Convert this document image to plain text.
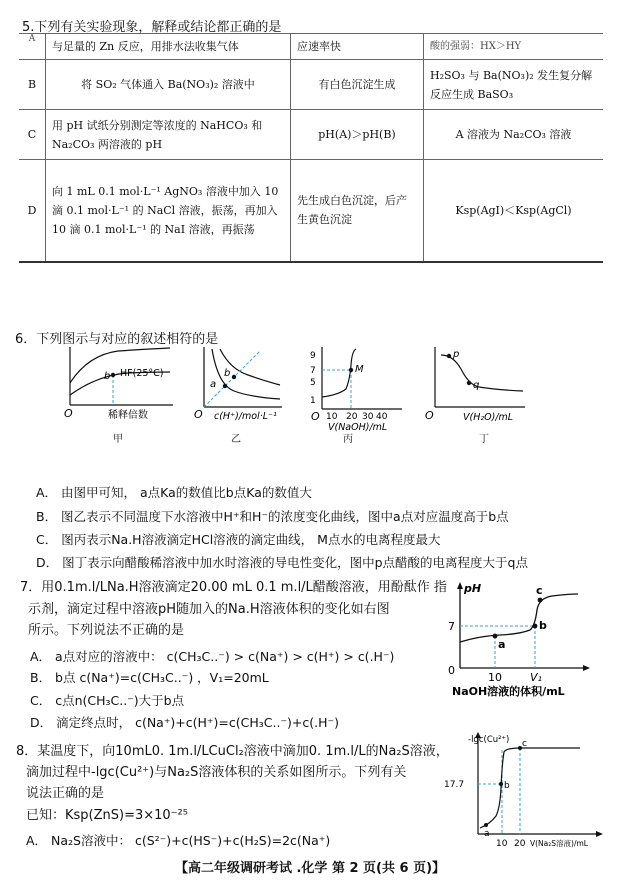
5.下列有关实验现象，解释或结论都正确的是
A	与足量的 Zn 反应，用排水法收集气体	应速率快	酸的强弱：HX＞HY
B	将 SO₂ 气体通入 Ba(NO₃)₂ 溶液中	有白色沉淀生成	H₂SO₃ 与 Ba(NO₃)₂ 发生复分解反应生成 BaSO₃
C	用 pH 试纸分别测定等浓度的 NaHCO₃ 和 Na₂CO₃ 两溶液的 pH	pH(A)＞pH(B)	A 溶液为 Na₂CO₃ 溶液
D	向 1 mL 0.1 mol·L⁻¹ AgNO₃ 溶液中加入 10 滴 0.1 mol·L⁻¹ 的 NaCl 溶液，振荡，再加入 10 滴 0.1 mol·L⁻¹ 的 NaI 溶液，再振荡	先生成白色沉淀，后产生黄色沉淀	Ksp(AgI)＜Ksp(AgCl)
6．下列图示与对应的叙述相符的是
O
b HF(25°C)
稀释倍数
a
b
O c(H⁺)/mol·L⁻¹
9
7
5
1
M
O 10 20 30 40
V(NaOH)/mL
p
q
O	V(H₂O)/mL
甲	乙	丙	丁
A． 由图甲可知， a点Ka的数值比b点Ka的数值大
B． 图乙表示不同温度下水溶液中H⁺和H⁻的浓度变化曲线，图中a点对应温度高于b点
C． 图丙表示Na.H溶液滴定HCl溶液的滴定曲线， M点水的电离程度最大
D． 图丁表示向醋酸稀溶液中加水时溶液的导电性变化，图中p点醋酸的电离程度大于q点
7．用0.1m.l/LNa.H溶液滴定20.00 mL 0.1 m.l/L醋酸溶液，用酚酞作 指
示剂，滴定过程中溶液pH随加入的Na.H溶液体积的变化如右图
所示。下列说法不正确的是
A． a点对应的溶液中： c(CH₃C..⁻) > c(Na⁺) > c(H⁺) > c(.H⁻)
B． b点 c(Na⁺)=c(CH₃C..⁻) ，V₁=20mL
C． c点n(CH₃C..⁻)大于b点
D． 滴定终点时， c(Na⁺)+c(H⁺)=c(CH₃C..⁻)+c(.H⁻)
pH
7
0
a
b
c
10	V₁
NaOH溶液的体积/mL
8．某温度下，向10mL0. 1m.l/LCuCl₂溶液中滴加0. 1m.l/L的Na₂S溶液，
滴加过程中-lgc(Cu²⁺)与Na₂S溶液体积的关系如图所示。下列有关
说法正确的是
已知：Ksp(ZnS)=3×10⁻²⁵
A． Na₂S溶液中： c(S²⁻)+c(HS⁻)+c(H₂S)=2c(Na⁺)
-lgc(Cu²⁺)
17.7
a
b
c
10 20 V(Na₂S溶液)/mL
【高二年级调研考试 .化学 第 2 页(共 6 页)】
